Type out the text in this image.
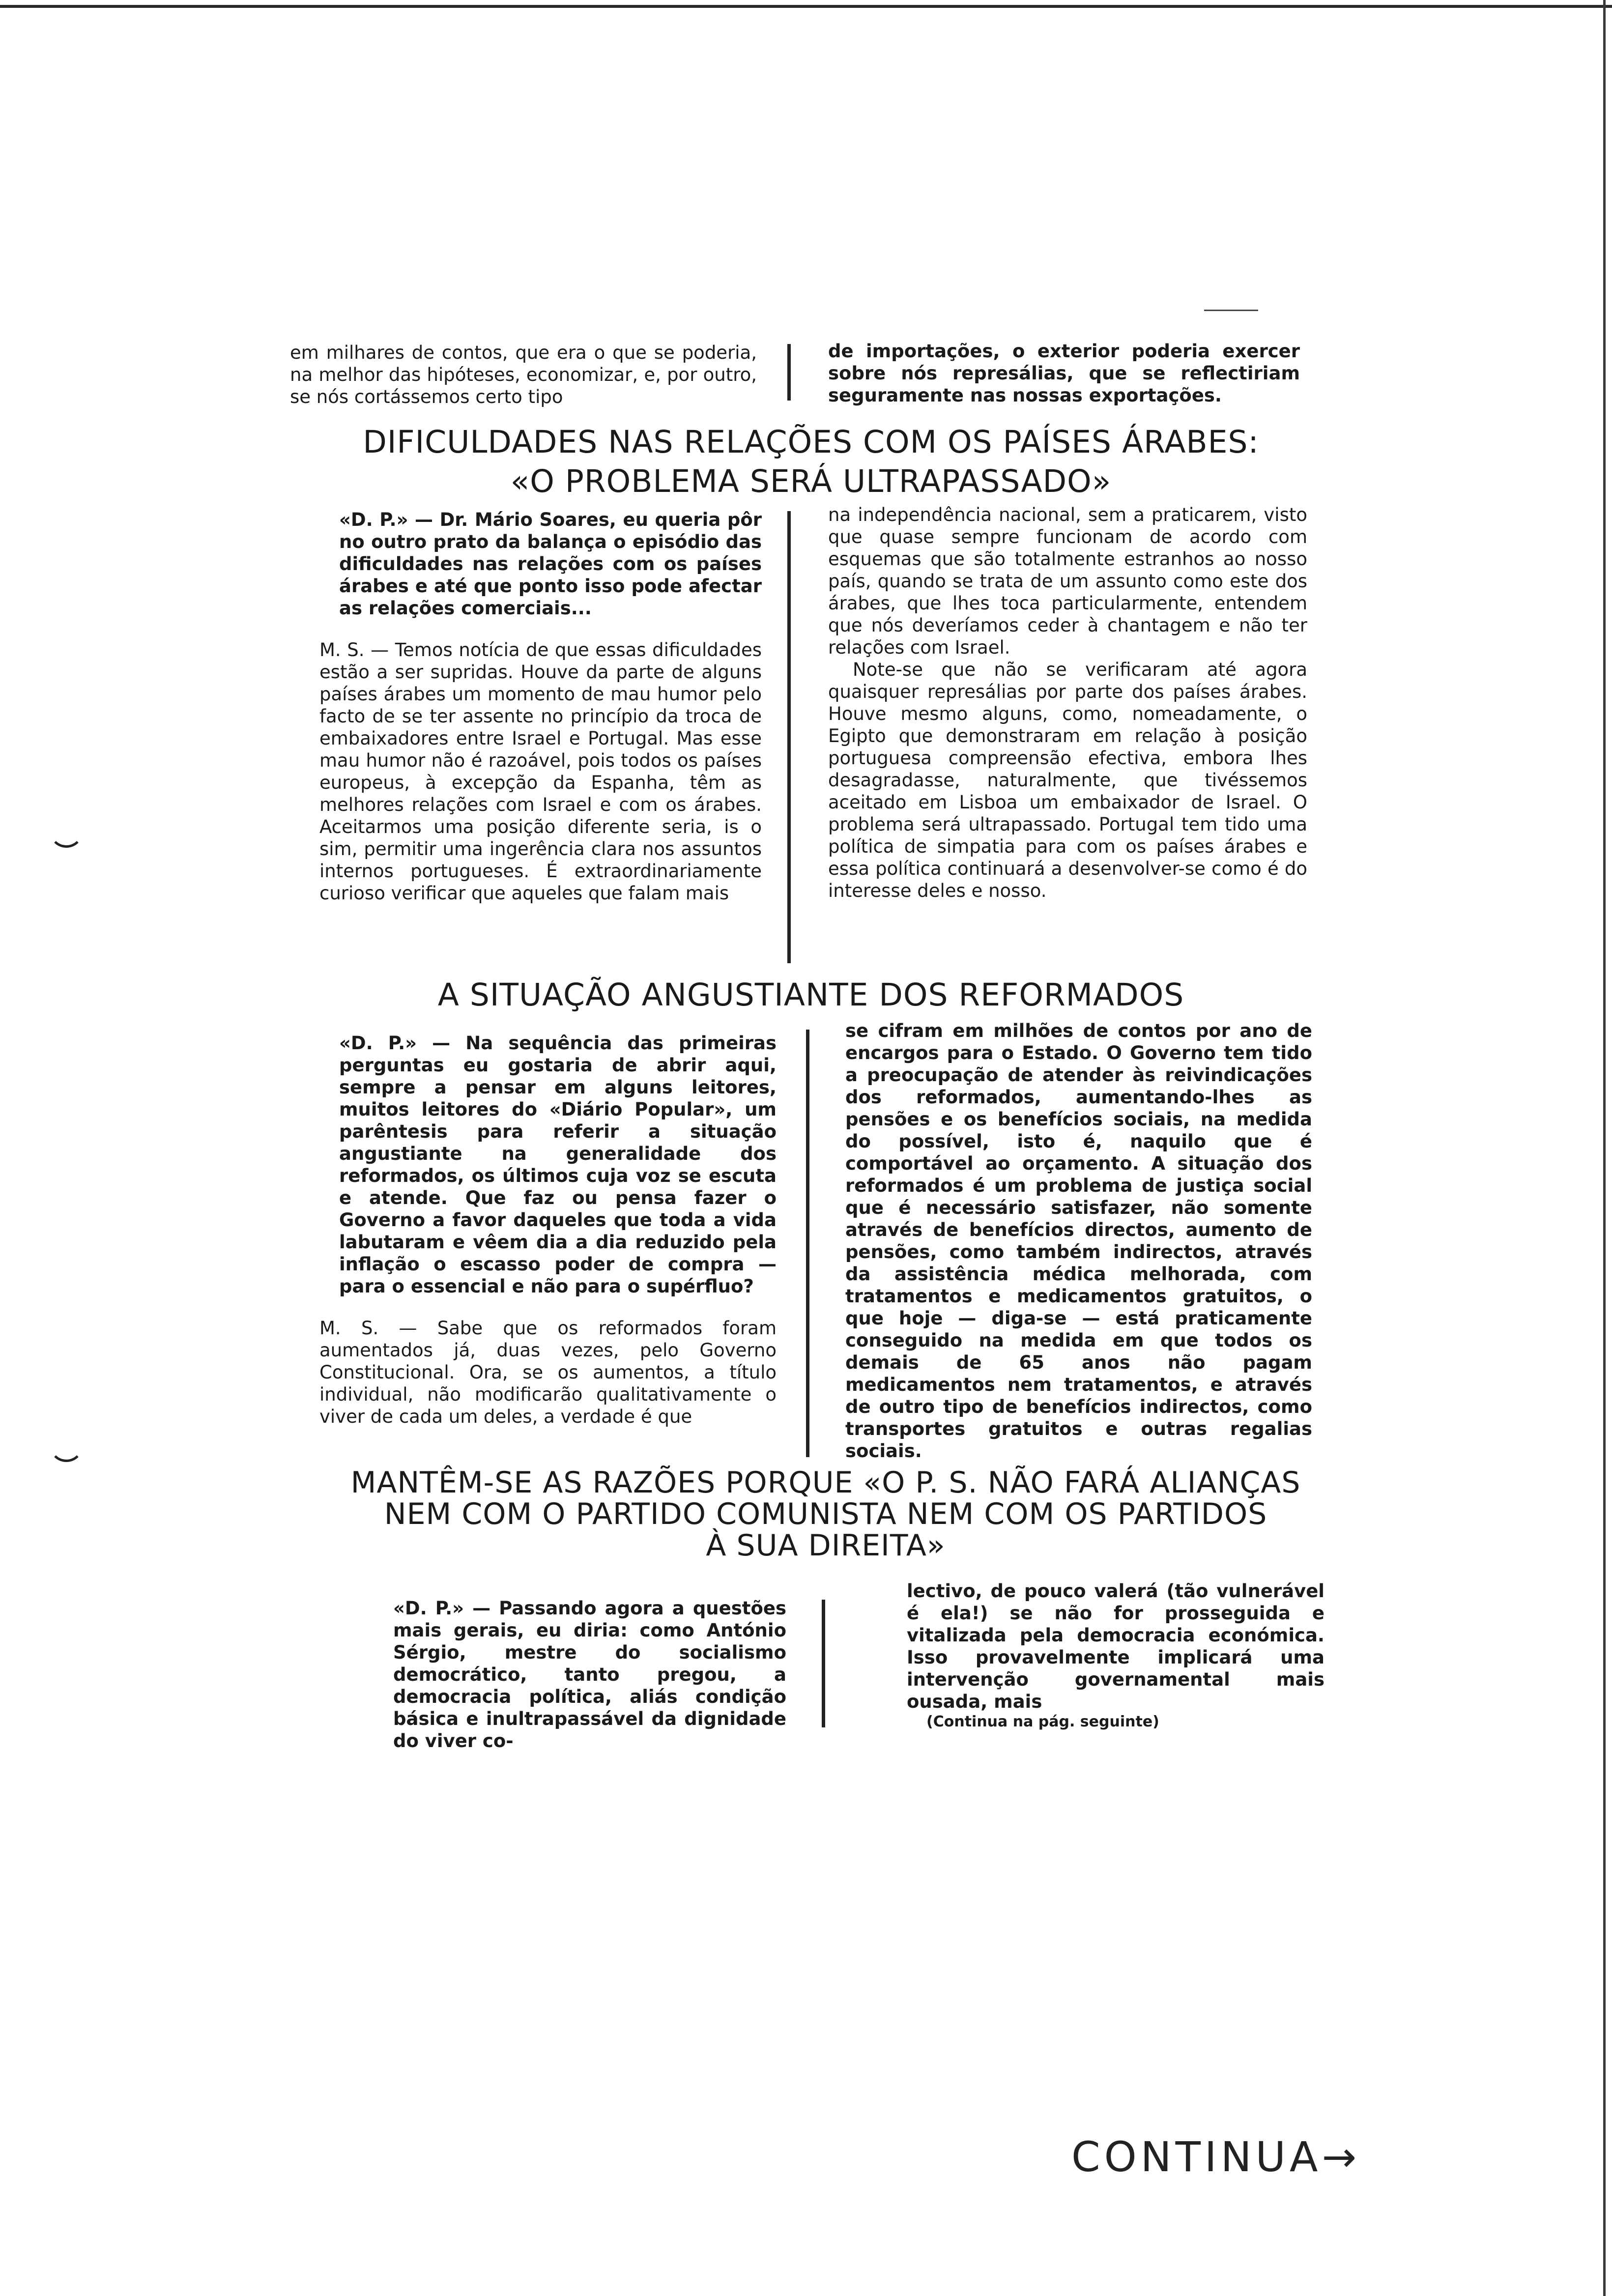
em milhares de contos, que era o que se poderia, na melhor das hipóteses, economizar, e, por outro, se nós cortássemos certo tipo

de importações, o exterior poderia exercer sobre nós represálias, que se reflectiriam seguramente nas nossas exportações.

DIFICULDADES NAS RELAÇÕES COM OS PAÍSES ÁRABES:
«O PROBLEMA SERÁ ULTRAPASSADO»

«D. P.» — Dr. Mário Soares, eu queria pôr no outro prato da balança o episódio das dificuldades nas relações com os países árabes e até que ponto isso pode afectar as relações comerciais...

M. S. — Temos notícia de que essas dificuldades estão a ser supridas. Houve da parte de alguns países árabes um momento de mau humor pelo facto de se ter assente no princípio da troca de embaixadores entre Israel e Portugal. Mas esse mau humor não é razoável, pois todos os países europeus, à excepção da Espanha, têm as melhores relações com Israel e com os árabes. Aceitarmos uma posição diferente seria, is o sim, permitir uma ingerência clara nos assuntos internos portugueses. É extraordinariamente curioso verificar que aqueles que falam mais

na independência nacional, sem a praticarem, visto que quase sempre funcionam de acordo com esquemas que são totalmente estranhos ao nosso país, quando se trata de um assunto como este dos árabes, que lhes toca particularmente, entendem que nós deveríamos ceder à chantagem e não ter relações com Israel.

Note-se que não se verificaram até agora quaisquer represálias por parte dos países árabes. Houve mesmo alguns, como, nomeadamente, o Egipto que demonstraram em relação à posição portuguesa compreensão efectiva, embora lhes desagradasse, naturalmente, que tivéssemos aceitado em Lisboa um embaixador de Israel. O problema será ultrapassado. Portugal tem tido uma política de simpatia para com os países árabes e essa política continuará a desenvolver-se como é do interesse deles e nosso.

A SITUAÇÃO ANGUSTIANTE DOS REFORMADOS

«D. P.» — Na sequência das primeiras perguntas eu gostaria de abrir aqui, sempre a pensar em alguns leitores, muitos leitores do «Diário Popular», um parêntesis para referir a situação angustiante na generalidade dos reformados, os últimos cuja voz se escuta e atende. Que faz ou pensa fazer o Governo a favor daqueles que toda a vida labutaram e vêem dia a dia reduzido pela inflação o escasso poder de compra — para o essencial e não para o supérfluo?

M. S. — Sabe que os reformados foram aumentados já, duas vezes, pelo Governo Constitucional. Ora, se os aumentos, a título individual, não modificarão qualitativamente o viver de cada um deles, a verdade é que

se cifram em milhões de contos por ano de encargos para o Estado. O Governo tem tido a preocupação de atender às reivindicações dos reformados, aumentando-lhes as pensões e os benefícios sociais, na medida do possível, isto é, naquilo que é comportável ao orçamento. A situação dos reformados é um problema de justiça social que é necessário satisfazer, não somente através de benefícios directos, aumento de pensões, como também indirectos, através da assistência médica melhorada, com tratamentos e medicamentos gratuitos, o que hoje — diga-se — está praticamente conseguido na medida em que todos os demais de 65 anos não pagam medicamentos nem tratamentos, e através de outro tipo de benefícios indirectos, como transportes gratuitos e outras regalias sociais.

MANTÊM-SE AS RAZÕES PORQUE «O P. S. NÃO FARÁ ALIANÇAS
NEM COM O PARTIDO COMUNISTA NEM COM OS PARTIDOS
À SUA DIREITA»

«D. P.» — Passando agora a questões mais gerais, eu diria: como António Sérgio, mestre do socialismo democrático, tanto pregou, a democracia política, aliás condição básica e inultrapassável da dignidade do viver co-

lectivo, de pouco valerá (tão vulnerável é ela!) se não for prosseguida e vitalizada pela democracia económica. Isso provavelmente implicará uma intervenção governamental mais ousada, mais

(Continua na pág. seguinte)

CONTINUA→
